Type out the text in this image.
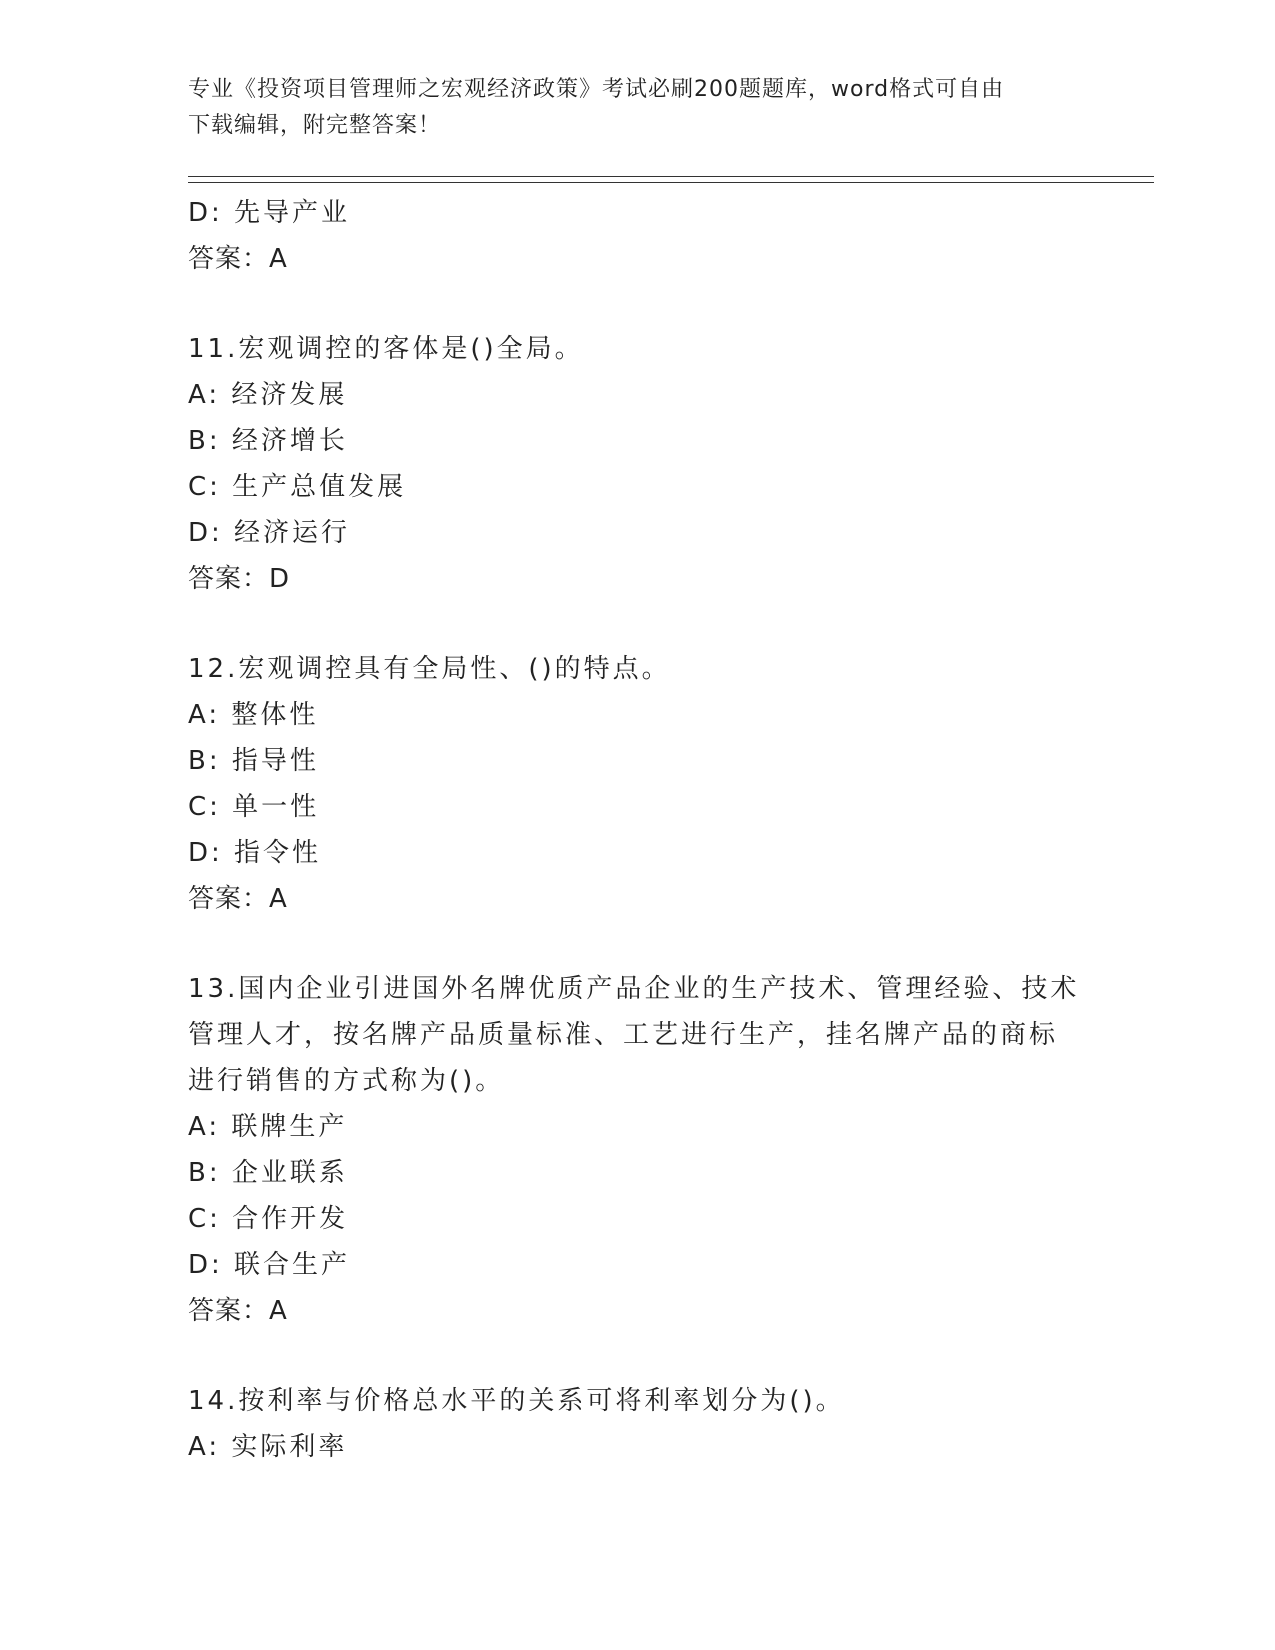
专业《投资项目管理师之宏观经济政策》考试必刷200题题库，word格式可自由
下载编辑，附完整答案！
D: 先导产业
答案：A
11.宏观调控的客体是()全局。
A: 经济发展
B: 经济增长
C: 生产总值发展
D: 经济运行
答案：D
12.宏观调控具有全局性、()的特点。
A: 整体性
B: 指导性
C: 单一性
D: 指令性
答案：A
13.国内企业引进国外名牌优质产品企业的生产技术、管理经验、技术
管理人才，按名牌产品质量标准、工艺进行生产，挂名牌产品的商标
进行销售的方式称为()。
A: 联牌生产
B: 企业联系
C: 合作开发
D: 联合生产
答案：A
14.按利率与价格总水平的关系可将利率划分为()。
A: 实际利率
